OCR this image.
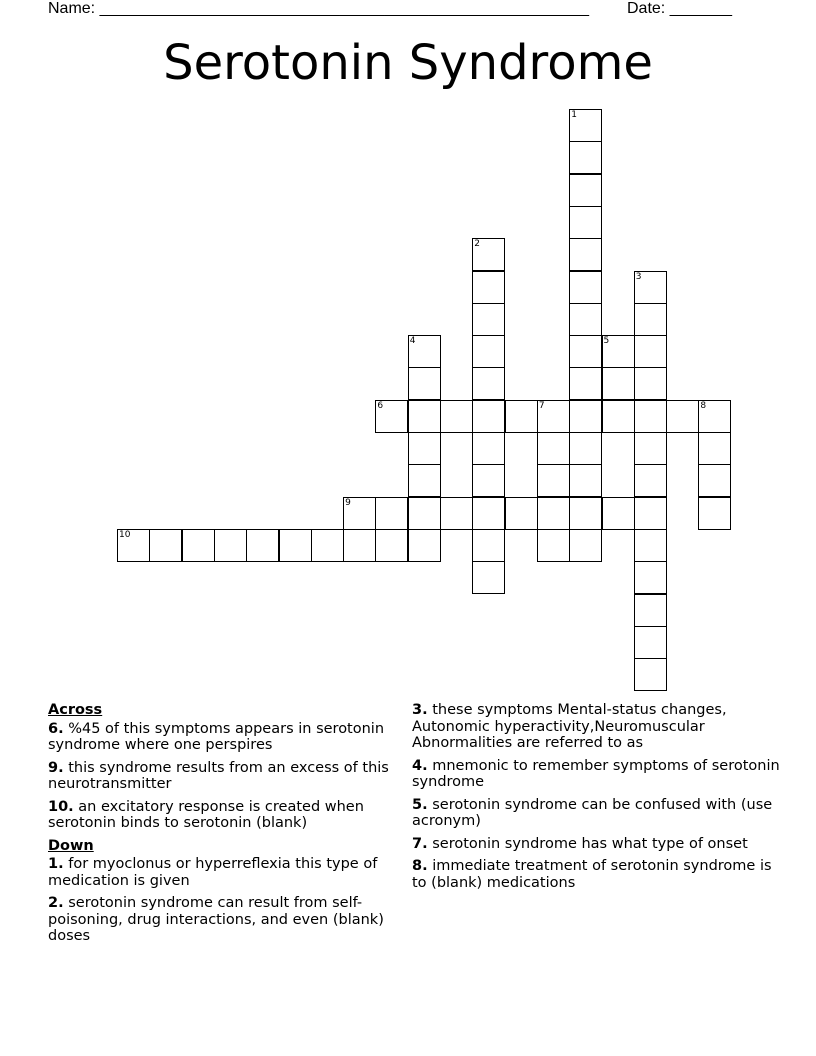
Name: _______________________________________________________ Date: _______
Serotonin Syndrome
1
2
3
4	5
6	7	8
9
10
Across
6. %45 of this symptoms appears in serotonin syndrome where one perspires
9. this syndrome results from an excess of this neurotransmitter
10. an excitatory response is created when serotonin binds to serotonin (blank)
Down
1. for myoclonus or hyperreflexia this type of medication is given
2. serotonin syndrome can result from self-poisoning, drug interactions, and even (blank) doses
3. these symptoms Mental-status changes, Autonomic hyperactivity,Neuromuscular Abnormalities are referred to as
4. mnemonic to remember symptoms of serotonin syndrome
5. serotonin syndrome can be confused with (use acronym)
7. serotonin syndrome has what type of onset
8. immediate treatment of serotonin syndrome is to (blank) medications
